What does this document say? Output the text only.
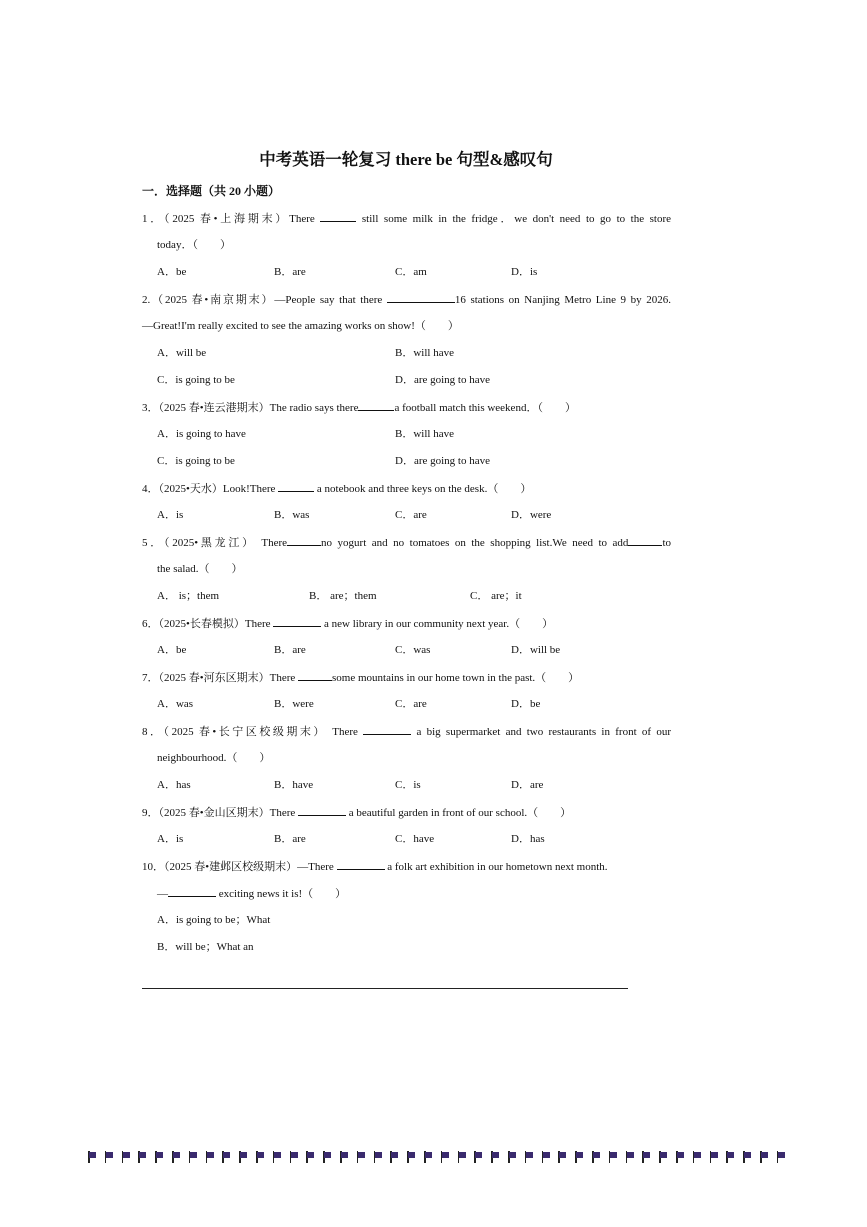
中考英语一轮复习 there be 句型&感叹句
一．选择题（共 20 小题）
1．（2025 春•上海期末）There	still some milk in the fridge．we don't need to go to the store
today．（　　）
A．be	B．are	C．am	D．is
2.（2025 春•南京期末）—People say that there	16 stations on Nanjing Metro Line 9 by 2026.
—Great!I'm really excited to see the amazing works on show!（　　）
A．will be	B．will have
C．is going to be	D．are going to have
3．（2025 春•连云港期末）The radio says there	a football match this weekend．（　　）
A．is going to have	B．will have
C．is going to be	D．are going to have
4．（2025•天水）Look!There	a notebook and three keys on the desk.（　　）
A．is	B．was	C．are	D．were
5．（2025•黑龙江） There	no yogurt and no tomatoes on the shopping list.We need to add	to
the salad.（　　）
A． is；them	B． are；them	C． are；it
6．（2025•长春模拟）There	a new library in our community next year.（　　）
A．be	B．are	C．was	D．will be
7．（2025 春•河东区期末）There	some mountains in our home town in the past.（　　）
A．was	B．were	C．are	D．be
8．（2025 春•长宁区校级期末） There	a big supermarket and two restaurants in front of our
neighbourhood.（　　）
A．has	B．have	C．is	D．are
9．（2025 春•金山区期末）There	a beautiful garden in front of our school.（　　）
A．is	B．are	C．have	D．has
10．（2025 春•建邺区校级期末）—There	a folk art exhibition in our hometown next month.
—	exciting news it is!（　　）
A．is going to be；What
B．will be；What an
